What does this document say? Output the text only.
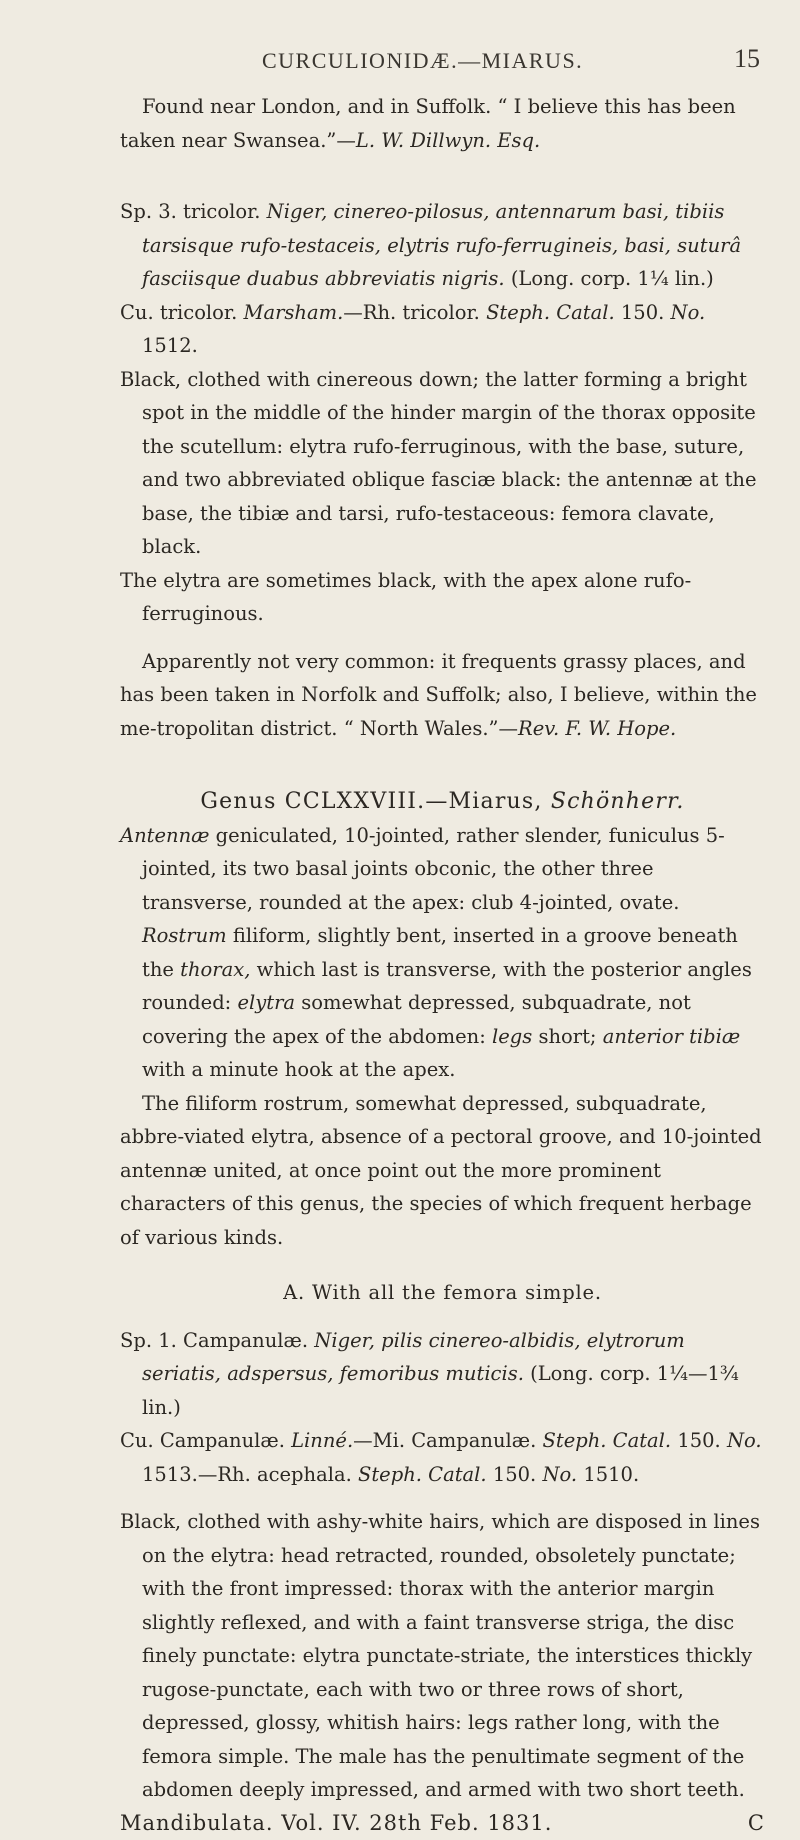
CURCULIONIDÆ.—MIARUS.	15

Found near London, and in Suffolk. “ I believe this has been taken near Swansea.”—L. W. Dillwyn. Esq.

Sp. 3. tricolor. Niger, cinereo-pilosus, antennarum basi, tibiis tarsisque rufo-testaceis, elytris rufo-ferrugineis, basi, suturâ fasciisque duabus abbreviatis nigris. (Long. corp. 1¼ lin.)

Cu. tricolor. Marsham.—Rh. tricolor. Steph. Catal. 150. No. 1512.

Black, clothed with cinereous down; the latter forming a bright spot in the middle of the hinder margin of the thorax opposite the scutellum: elytra rufo-ferruginous, with the base, suture, and two abbreviated oblique fasciæ black: the antennæ at the base, the tibiæ and tarsi, rufo-testaceous: femora clavate, black.

The elytra are sometimes black, with the apex alone rufo-ferruginous.

Apparently not very common: it frequents grassy places, and has been taken in Norfolk and Suffolk; also, I believe, within the me-tropolitan district. “ North Wales.”—Rev. F. W. Hope.

Genus CCLXXVIII.—Miarus, Schönherr.

Antennæ geniculated, 10-jointed, rather slender, funiculus 5-jointed, its two basal joints obconic, the other three transverse, rounded at the apex: club 4-jointed, ovate. Rostrum filiform, slightly bent, inserted in a groove beneath the thorax, which last is transverse, with the posterior angles rounded: elytra somewhat depressed, subquadrate, not covering the apex of the abdomen: legs short; anterior tibiæ with a minute hook at the apex.

The filiform rostrum, somewhat depressed, subquadrate, abbre-viated elytra, absence of a pectoral groove, and 10-jointed antennæ united, at once point out the more prominent characters of this genus, the species of which frequent herbage of various kinds.

A. With all the femora simple.

Sp. 1. Campanulæ. Niger, pilis cinereo-albidis, elytrorum seriatis, adspersus, femoribus muticis. (Long. corp. 1¼—1¾ lin.)

Cu. Campanulæ. Linné.—Mi. Campanulæ. Steph. Catal. 150. No. 1513.—Rh. acephala. Steph. Catal. 150. No. 1510.

Black, clothed with ashy-white hairs, which are disposed in lines on the elytra: head retracted, rounded, obsoletely punctate; with the front impressed: thorax with the anterior margin slightly reflexed, and with a faint transverse striga, the disc finely punctate: elytra punctate-striate, the interstices thickly rugose-punctate, each with two or three rows of short, depressed, glossy, whitish hairs: legs rather long, with the femora simple. The male has the penultimate segment of the abdomen deeply impressed, and armed with two short teeth.

Mandibulata. Vol. IV. 28th Feb. 1831.	C
